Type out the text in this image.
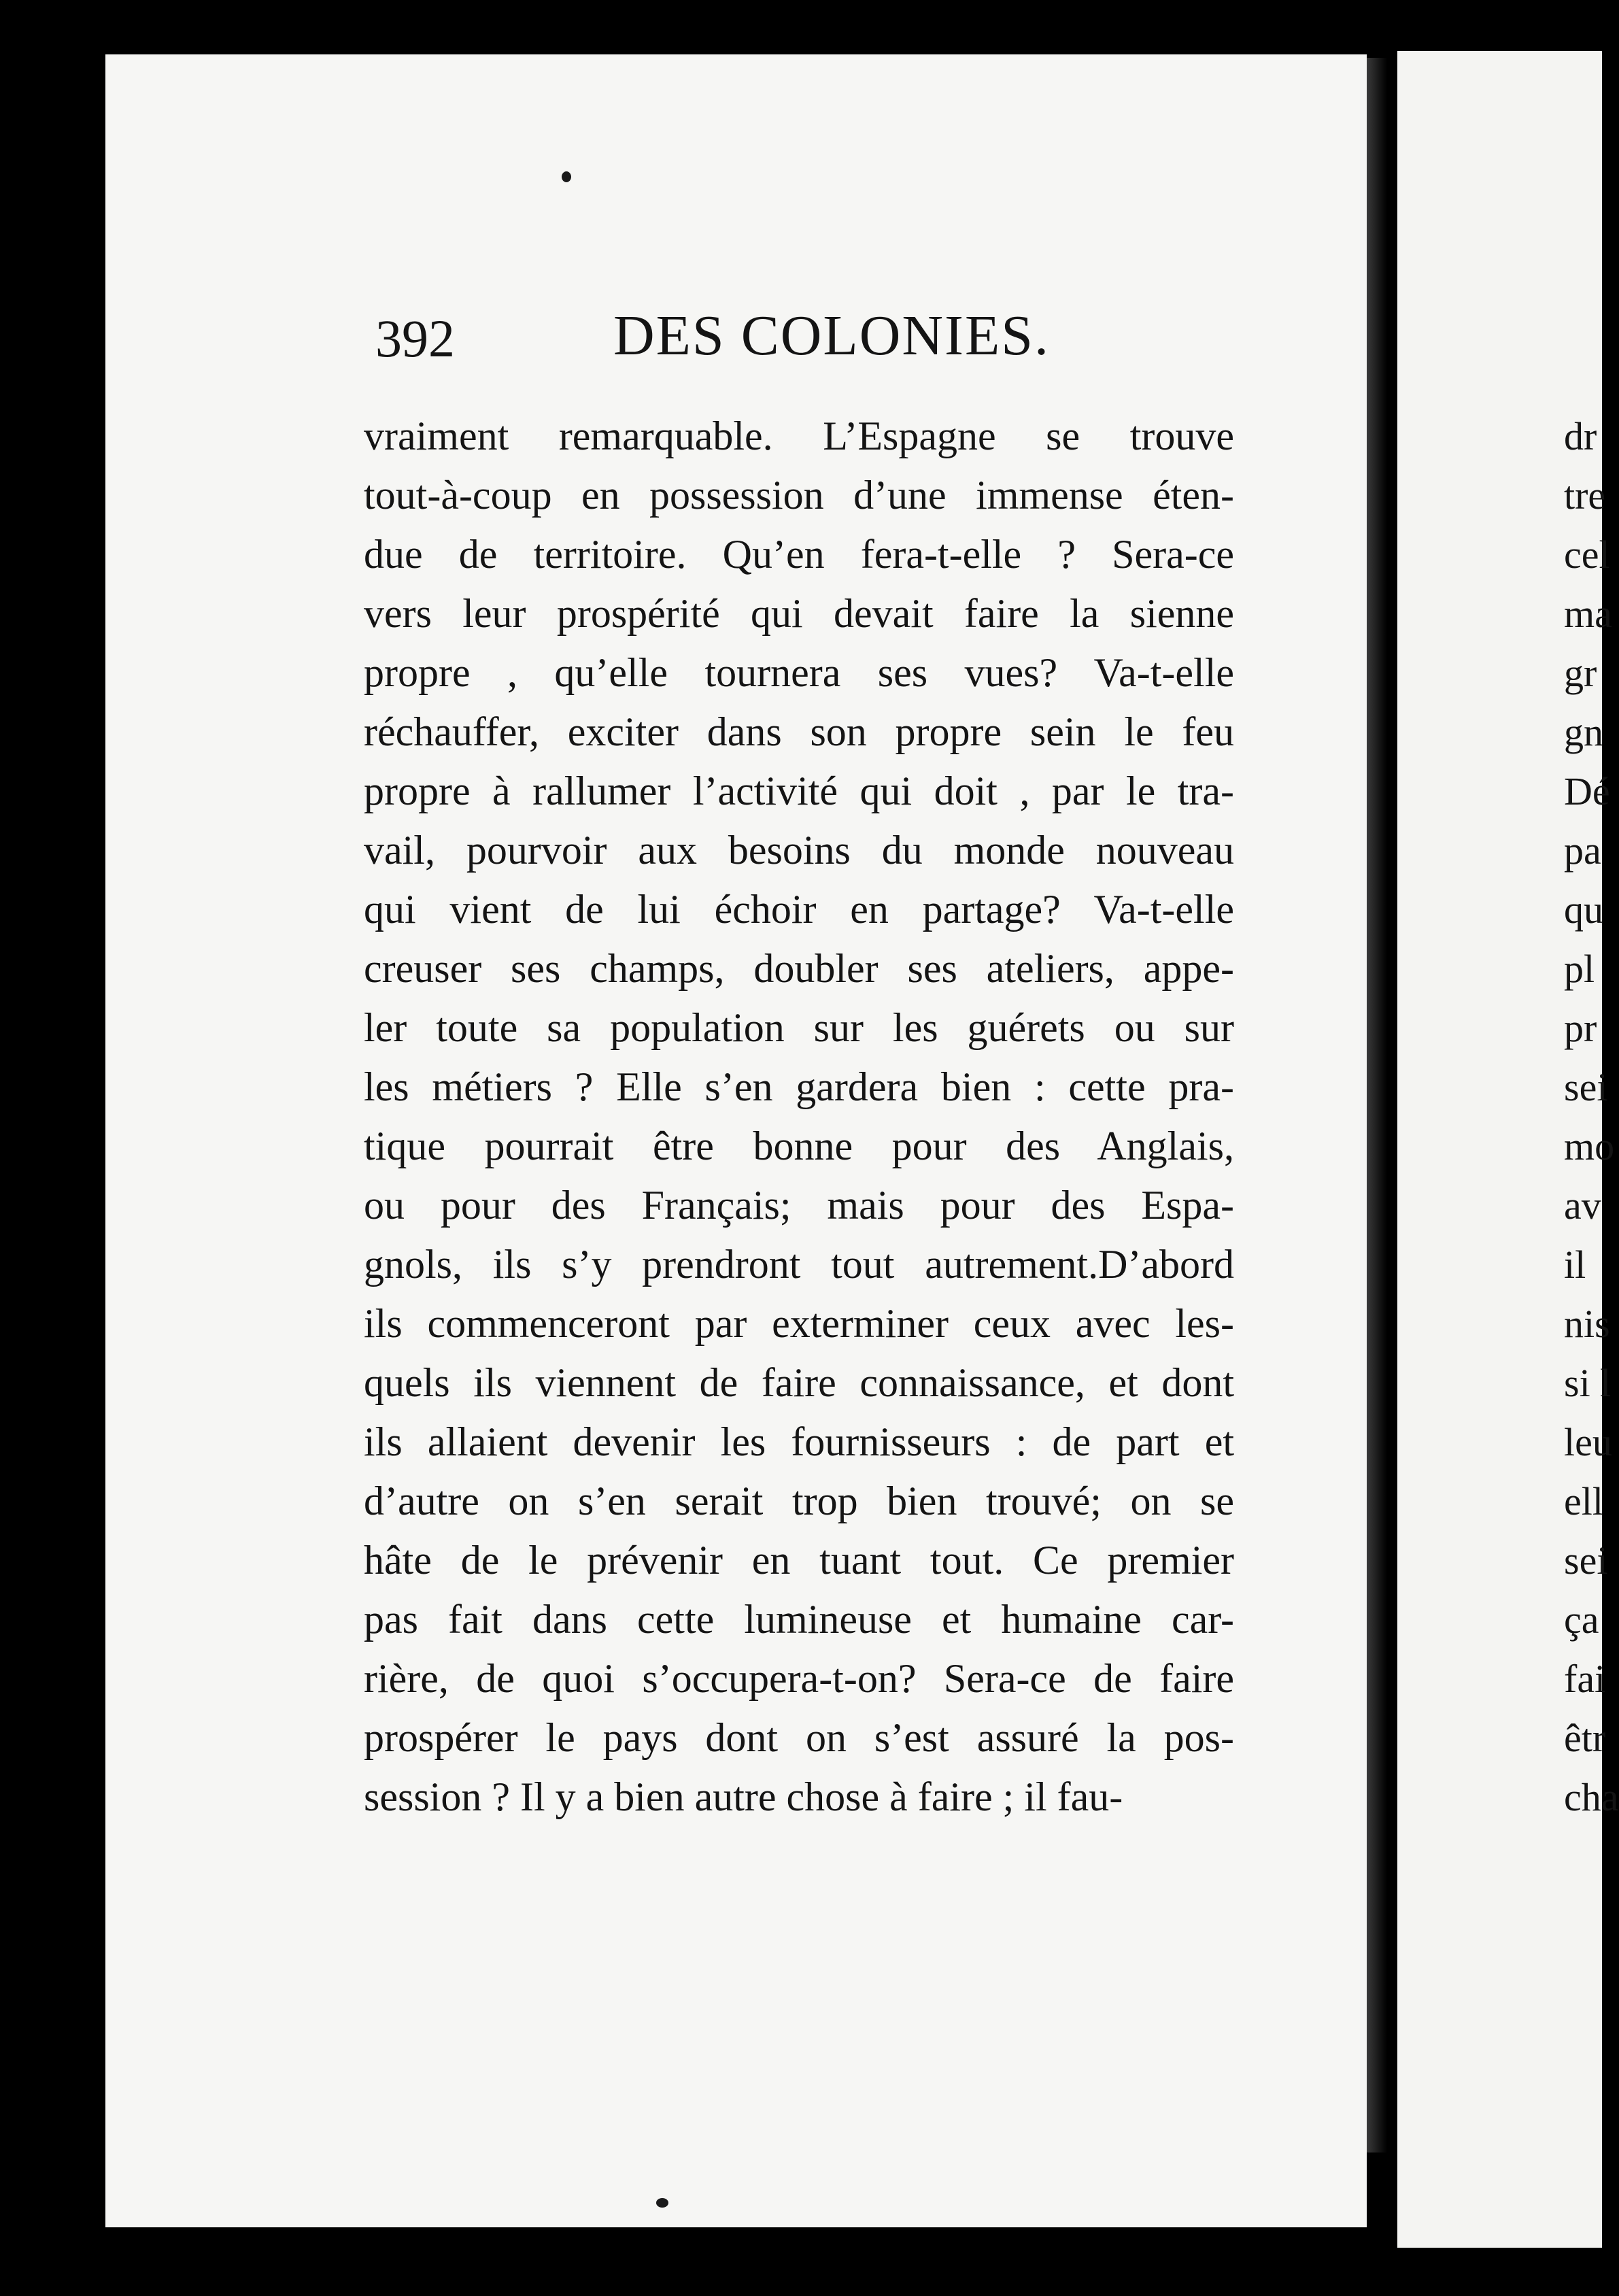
392	DES COLONIES.
vraiment remarquable. L’Espagne se trouve
tout-à-coup en possession d’une immense éten-
due de territoire. Qu’en fera-t-elle ? Sera-ce
vers leur prospérité qui devait faire la sienne
propre , qu’elle tournera ses vues? Va-t-elle
réchauffer, exciter dans son propre sein le feu
propre à rallumer l’activité qui doit , par le tra-
vail, pourvoir aux besoins du monde nouveau
qui vient de lui échoir en partage? Va-t-elle
creuser ses champs, doubler ses ateliers, appe-
ler toute sa population sur les guérets ou sur
les métiers ? Elle s’en gardera bien : cette pra-
tique pourrait être bonne pour des Anglais,
ou pour des Français; mais pour des Espa-
gnols, ils s’y prendront tout autrement.D’abord
ils commenceront par exterminer ceux avec les-
quels ils viennent de faire connaissance, et dont
ils allaient devenir les fournisseurs : de part et
d’autre on s’en serait trop bien trouvé; on se
hâte de le prévenir en tuant tout. Ce premier
pas fait dans cette lumineuse et humaine car-
rière, de quoi s’occupera-t-on? Sera-ce de faire
prospérer le pays dont on s’est assuré la pos-
session ? Il y a bien autre chose à faire ; il fau-
dr
tre
cel
ma
gr
gn
Dé
pa
qu
pl
pr
sei
mo
av
il
nis
si l
leu
ell
sei
ça
fai
êtr
cha
